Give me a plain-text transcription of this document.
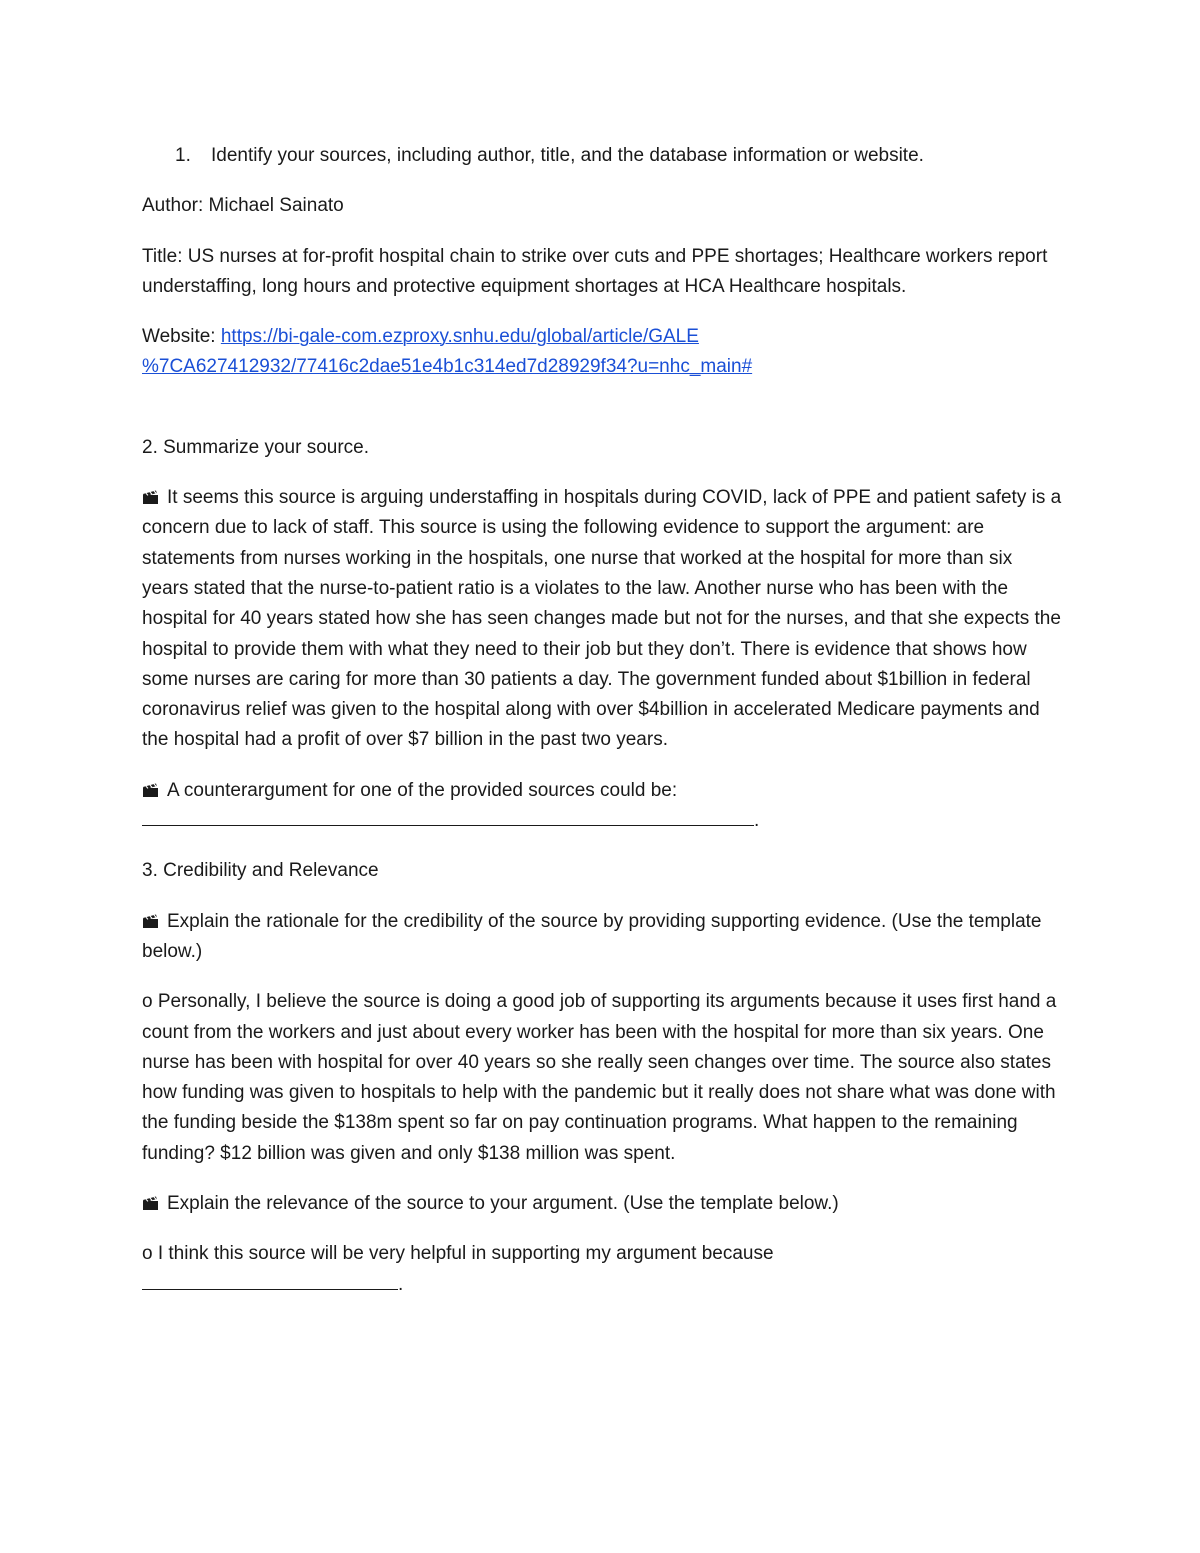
1.	Identify your sources, including author, title, and the database information or website.

Author: Michael Sainato

Title: US nurses at for-profit hospital chain to strike over cuts and PPE shortages; Healthcare workers report understaffing, long hours and protective equipment shortages at HCA Healthcare hospitals.

Website: https://bi-gale-com.ezproxy.snhu.edu/global/article/GALE
%7CA627412932/77416c2dae51e4b1c314ed7d28929f34?u=nhc_main#

2. Summarize your source.

It seems this source is arguing understaffing in hospitals during COVID, lack of PPE and patient safety is a concern due to lack of staff. This source is using the following evidence to support the argument: are statements from nurses working in the hospitals, one nurse that worked at the hospital for more than six years stated that the nurse-to-patient ratio is a violates to the law. Another nurse who has been with the hospital for 40 years stated how she has seen changes made but not for the nurses, and that she expects the hospital to provide them with what they need to their job but they don’t. There is evidence that shows how some nurses are caring for more than 30 patients a day. The government funded about $1billion in federal coronavirus relief was given to the hospital along with over $4billion in accelerated Medicare payments and the hospital had a profit of over $7 billion in the past two years.

A counterargument for one of the provided sources could be:
.

3. Credibility and Relevance

Explain the rationale for the credibility of the source by providing supporting evidence. (Use the template below.)

o Personally, I believe the source is doing a good job of supporting its arguments because it uses first hand a count from the workers and just about every worker has been with the hospital for more than six years. One nurse has been with hospital for over 40 years so she really seen changes over time. The source also states how funding was given to hospitals to help with the pandemic but it really does not share what was done with the funding beside the $138m spent so far on pay continuation programs. What happen to the remaining funding? $12 billion was given and only $138 million was spent.

Explain the relevance of the source to your argument. (Use the template below.)

o I think this source will be very helpful in supporting my argument because
.
